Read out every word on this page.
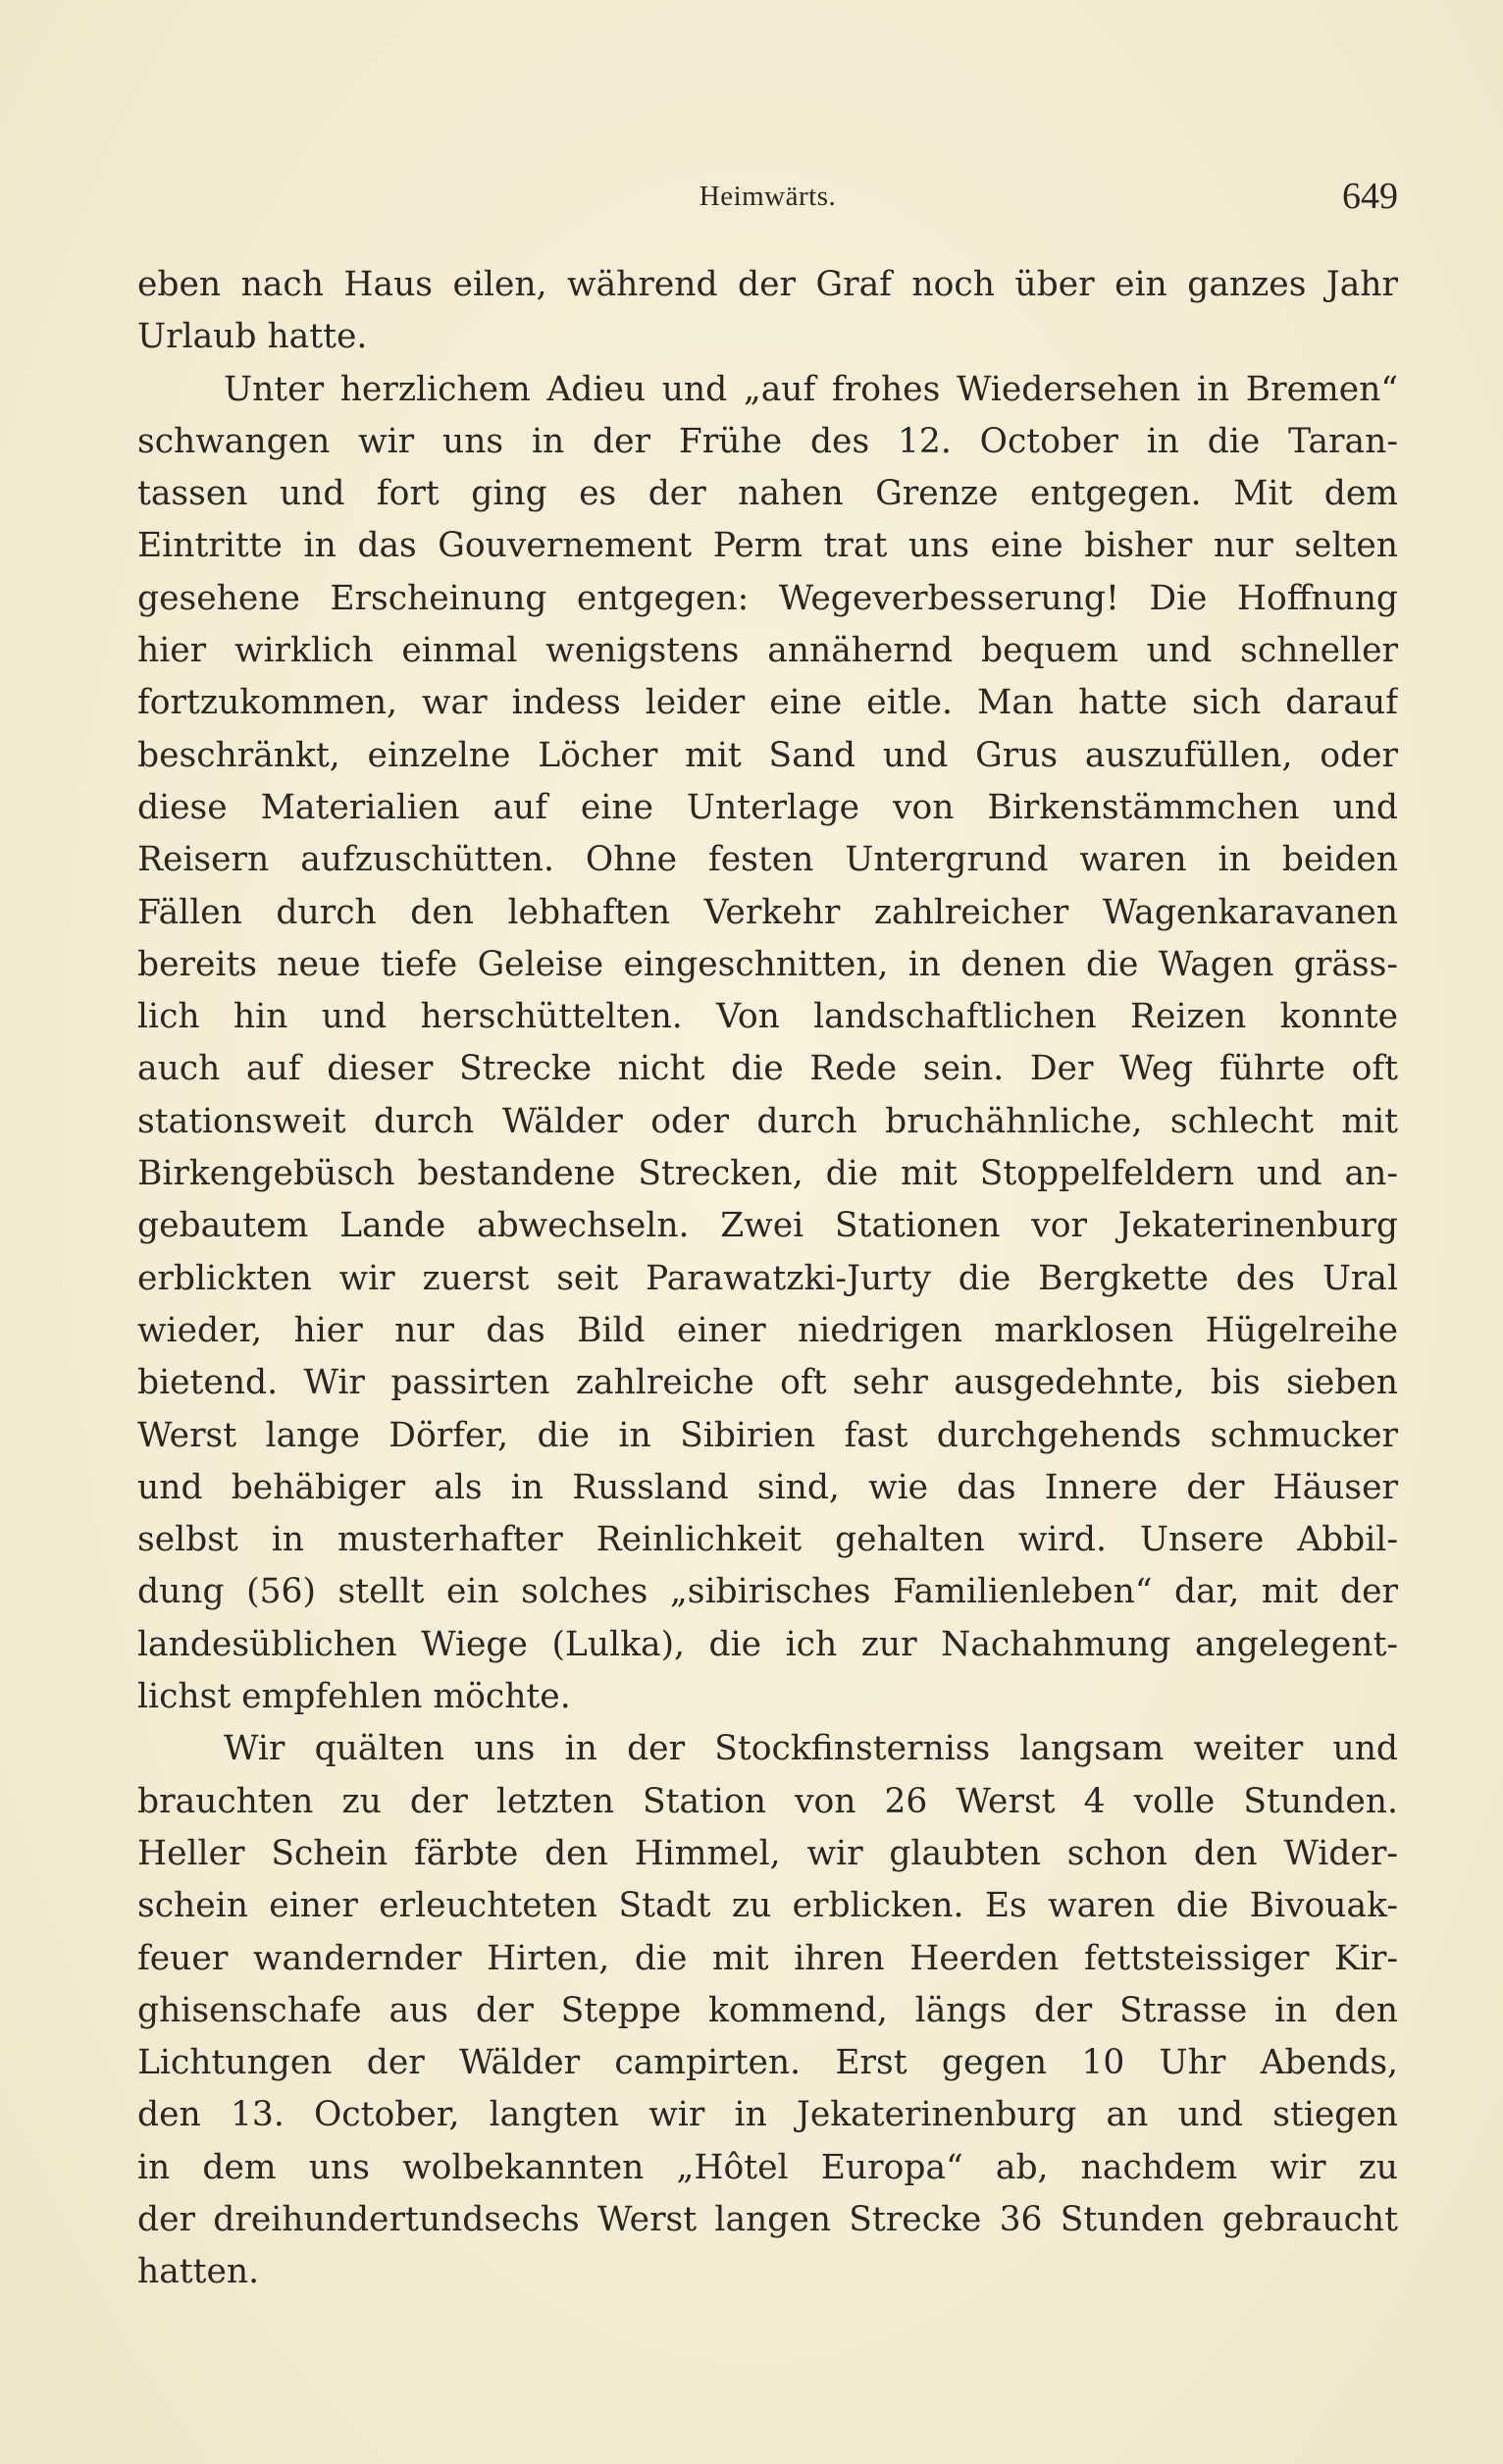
Heimwärts.	649

eben nach Haus eilen, während der Graf noch über ein ganzes Jahr
Urlaub hatte.

Unter herzlichem Adieu und „auf frohes Wiedersehen in Bremen“
schwangen wir uns in der Frühe des 12. October in die Taran-
tassen und fort ging es der nahen Grenze entgegen. Mit dem
Eintritte in das Gouvernement Perm trat uns eine bisher nur selten
gesehene Erscheinung entgegen: Wegeverbesserung! Die Hoffnung
hier wirklich einmal wenigstens annähernd bequem und schneller
fortzukommen, war indess leider eine eitle. Man hatte sich darauf
beschränkt, einzelne Löcher mit Sand und Grus auszufüllen, oder
diese Materialien auf eine Unterlage von Birkenstämmchen und
Reisern aufzuschütten. Ohne festen Untergrund waren in beiden
Fällen durch den lebhaften Verkehr zahlreicher Wagenkaravanen
bereits neue tiefe Geleise eingeschnitten, in denen die Wagen gräss-
lich hin und herschüttelten. Von landschaftlichen Reizen konnte
auch auf dieser Strecke nicht die Rede sein. Der Weg führte oft
stationsweit durch Wälder oder durch bruchähnliche, schlecht mit
Birkengebüsch bestandene Strecken, die mit Stoppelfeldern und an-
gebautem Lande abwechseln. Zwei Stationen vor Jekaterinenburg
erblickten wir zuerst seit Parawatzki-Jurty die Bergkette des Ural
wieder, hier nur das Bild einer niedrigen marklosen Hügelreihe
bietend. Wir passirten zahlreiche oft sehr ausgedehnte, bis sieben
Werst lange Dörfer, die in Sibirien fast durchgehends schmucker
und behäbiger als in Russland sind, wie das Innere der Häuser
selbst in musterhafter Reinlichkeit gehalten wird. Unsere Abbil-
dung (56) stellt ein solches „sibirisches Familienleben“ dar, mit der
landesüblichen Wiege (Lulka), die ich zur Nachahmung angelegent-
lichst empfehlen möchte.

Wir quälten uns in der Stockfinsterniss langsam weiter und
brauchten zu der letzten Station von 26 Werst 4 volle Stunden.
Heller Schein färbte den Himmel, wir glaubten schon den Wider-
schein einer erleuchteten Stadt zu erblicken. Es waren die Bivouak-
feuer wandernder Hirten, die mit ihren Heerden fettsteissiger Kir-
ghisenschafe aus der Steppe kommend, längs der Strasse in den
Lichtungen der Wälder campirten. Erst gegen 10 Uhr Abends,
den 13. October, langten wir in Jekaterinenburg an und stiegen
in dem uns wolbekannten „Hôtel Europa“ ab, nachdem wir zu
der dreihundertundsechs Werst langen Strecke 36 Stunden gebraucht
hatten.
